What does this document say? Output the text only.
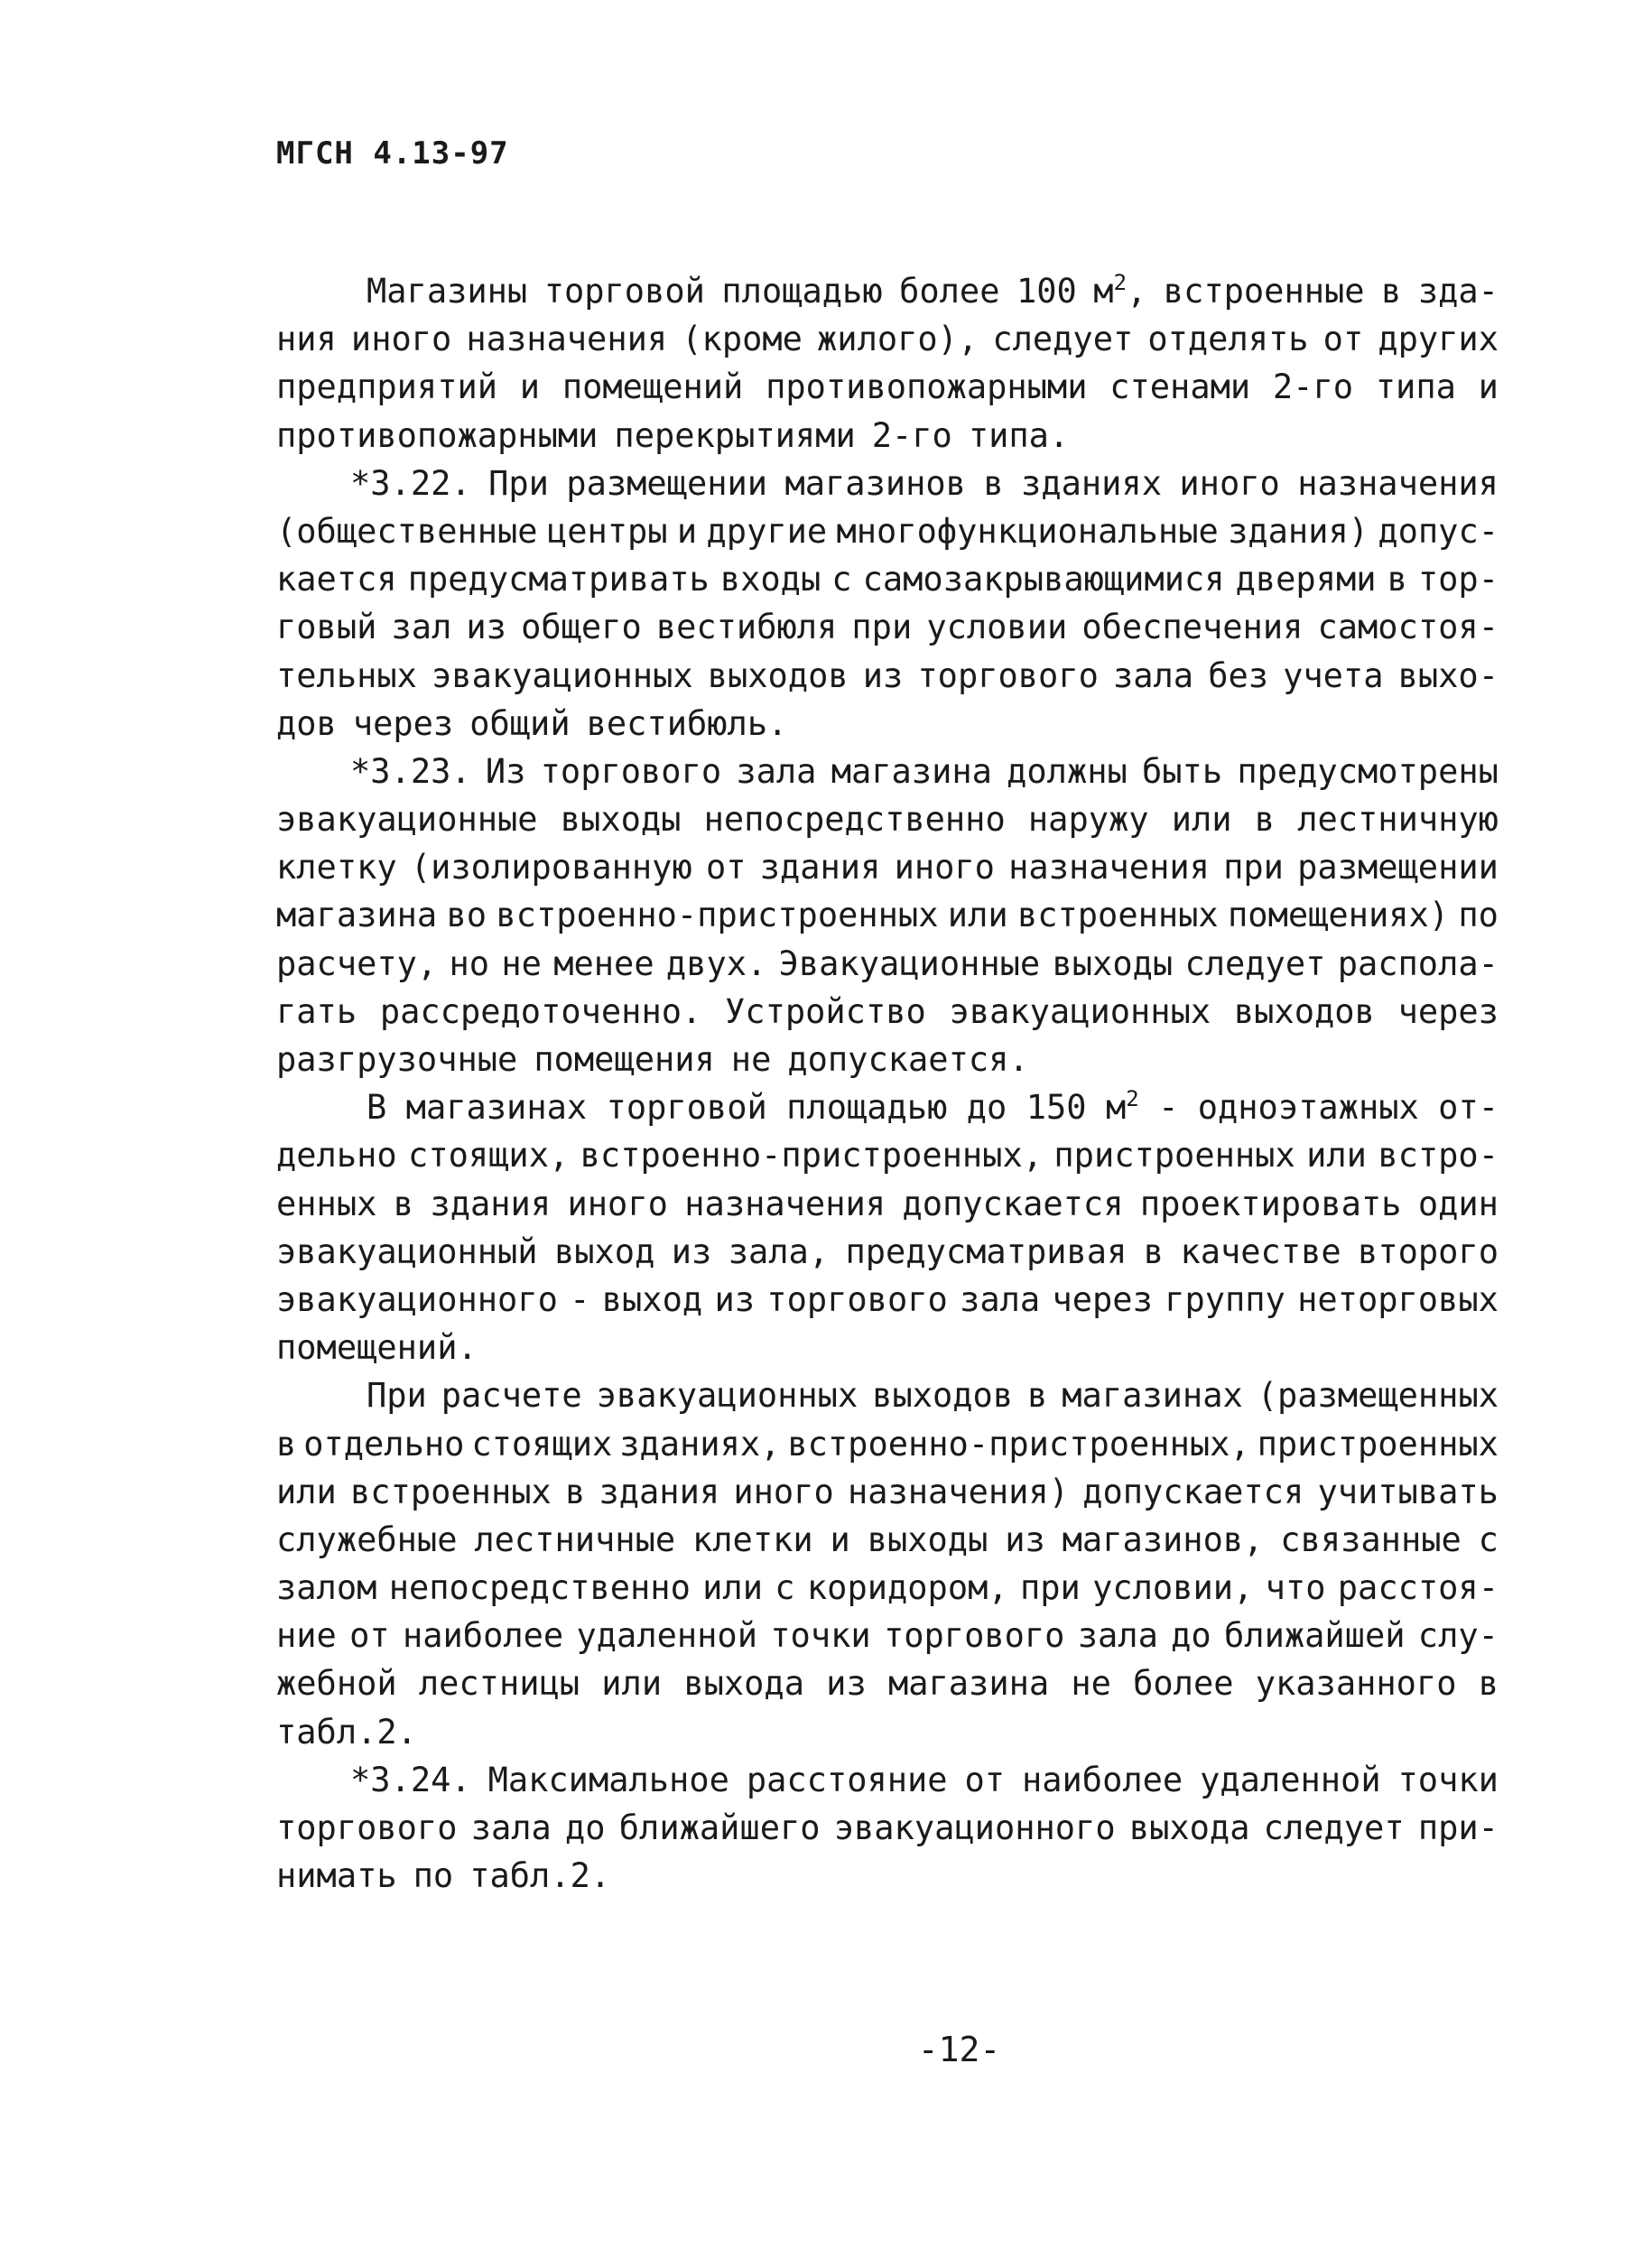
МГСН 4.13-97
Магазины торговой площадью более 100 $м^2$, встроенные в зда-
ния иного назначения (кроме жилого), следует отделять от других
предприятий и помещений противопожарными стенами 2-го типа и
противопожарными перекрытиями 2-го типа.
*3.22. При размещении магазинов в зданиях иного назначения
(общественные центры и другие многофункциональные здания) допус-
кается предусматривать входы с самозакрывающимися дверями в тор-
говый зал из общего вестибюля при условии обеспечения самостоя-
тельных эвакуационных выходов из торгового зала без учета выхо-
дов через общий вестибюль.
*3.23. Из торгового зала магазина должны быть предусмотрены
эвакуационные выходы непосредственно наружу или в лестничную
клетку (изолированную от здания иного назначения при размещении
магазина во встроенно-пристроенных или встроенных помещениях) по
расчету, но не менее двух. Эвакуационные выходы следует распола-
гать рассредоточенно. Устройство эвакуационных выходов через
разгрузочные помещения не допускается.
В магазинах торговой площадью до 150 $м^2$ - одноэтажных от-
дельно стоящих, встроенно-пристроенных, пристроенных или встро-
енных в здания иного назначения допускается проектировать один
эвакуационный выход из зала, предусматривая в качестве второго
эвакуационного - выход из торгового зала через группу неторговых
помещений.
При расчете эвакуационных выходов в магазинах (размещенных
в отдельно стоящих зданиях, встроенно-пристроенных, пристроенных
или встроенных в здания иного назначения) допускается учитывать
служебные лестничные клетки и выходы из магазинов, связанные с
залом непосредственно или с коридором, при условии, что расстоя-
ние от наиболее удаленной точки торгового зала до ближайшей слу-
жебной лестницы или выхода из магазина не более указанного в
табл.2.
*3.24. Максимальное расстояние от наиболее удаленной точки
торгового зала до ближайшего эвакуационного выхода следует при-
нимать по табл.2.
-12-
